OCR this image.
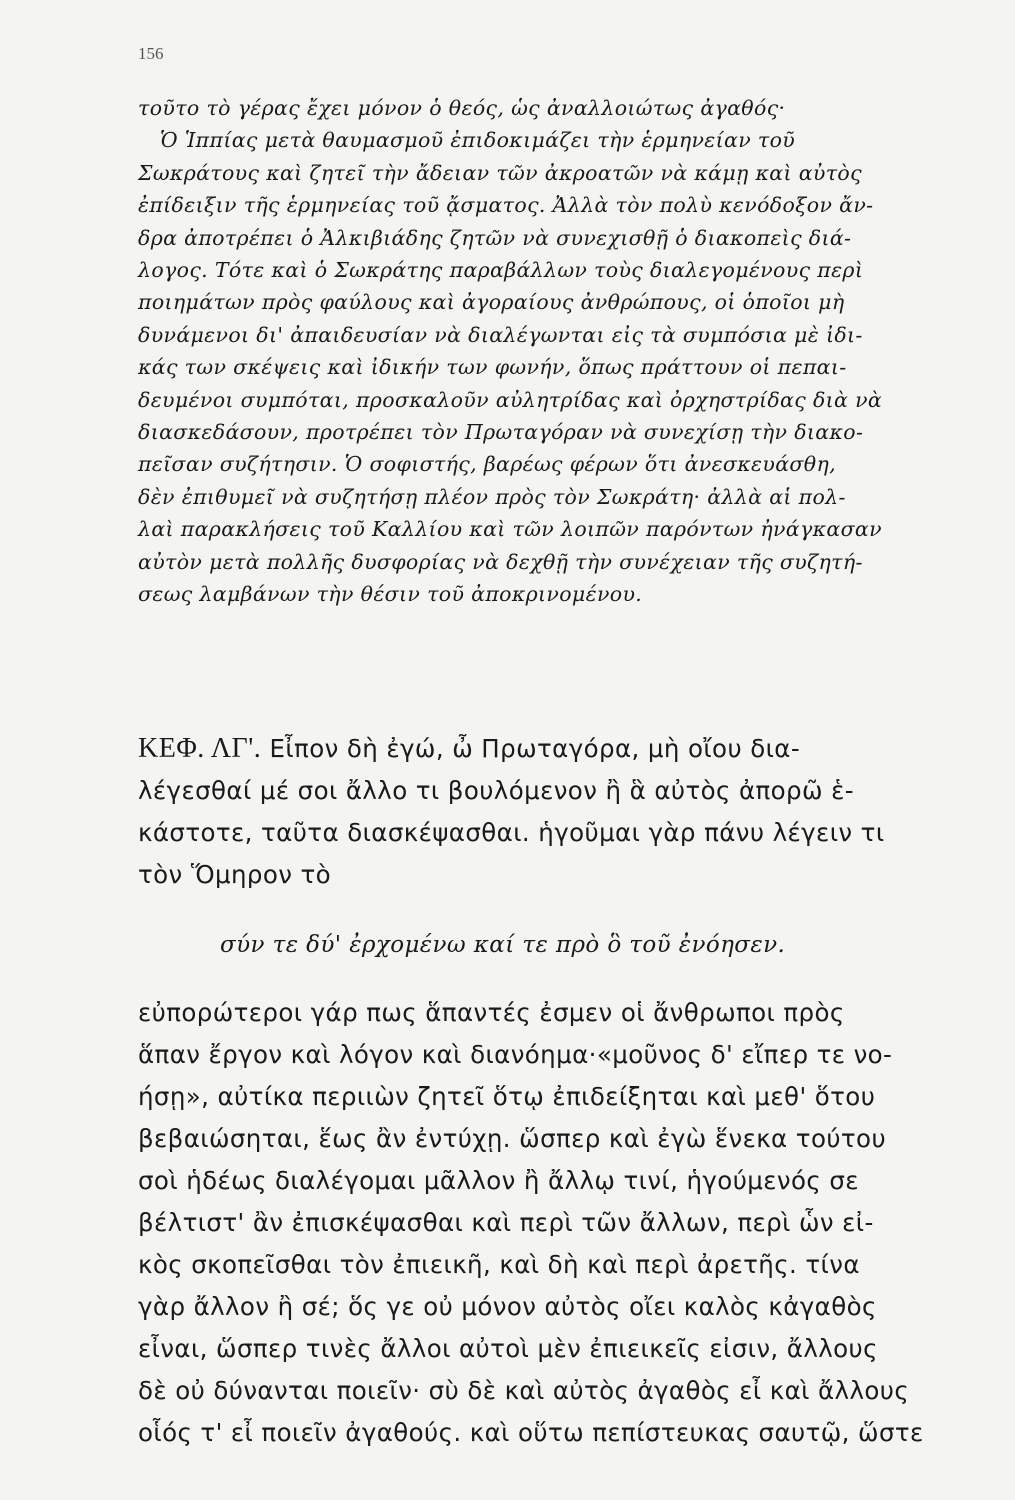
156
τοῦτο τὸ γέρας ἔχει μόνον ὁ θεός, ὡς ἀναλλοιώτως ἀγαθός·
Ὁ Ἱππίας μετὰ θαυμασμοῦ ἐπιδοκιμάζει τὴν ἑρμηνείαν τοῦ
Σωκράτους καὶ ζητεῖ τὴν ἄδειαν τῶν ἀκροατῶν νὰ κάμῃ καὶ αὐτὸς
ἐπίδειξιν τῆς ἑρμηνείας τοῦ ᾄσματος. Ἀλλὰ τὸν πολὺ κενόδοξον ἄν-
δρα ἀποτρέπει ὁ Ἀλκιβιάδης ζητῶν νὰ συνεχισθῇ ὁ διακοπεὶς διά-
λογος. Τότε καὶ ὁ Σωκράτης παραβάλλων τοὺς διαλεγομένους περὶ
ποιημάτων πρὸς φαύλους καὶ ἀγοραίους ἀνθρώπους, οἱ ὁποῖοι μὴ
δυνάμενοι δι' ἀπαιδευσίαν νὰ διαλέγωνται εἰς τὰ συμπόσια μὲ ἰδι-
κάς των σκέψεις καὶ ἰδικήν των φωνήν, ὅπως πράττουν οἱ πεπαι-
δευμένοι συμπόται, προσκαλοῦν αὐλητρίδας καὶ ὀρχηστρίδας διὰ νὰ
διασκεδάσουν, προτρέπει τὸν Πρωταγόραν νὰ συνεχίσῃ τὴν διακο-
πεῖσαν συζήτησιν. Ὁ σοφιστής, βαρέως φέρων ὅτι ἀνεσκευάσθη,
δὲν ἐπιθυμεῖ νὰ συζητήσῃ πλέον πρὸς τὸν Σωκράτη· ἀλλὰ αἱ πολ-
λαὶ παρακλήσεις τοῦ Καλλίου καὶ τῶν λοιπῶν παρόντων ἠνάγκασαν
αὐτὸν μετὰ πολλῆς δυσφορίας νὰ δεχθῇ τὴν συνέχειαν τῆς συζητή-
σεως λαμβάνων τὴν θέσιν τοῦ ἀποκρινομένου.
ΚΕΦ. ΛΓ'. Εἶπον δὴ ἐγώ, ὦ Πρωταγόρα, μὴ οἴου δια-
λέγεσθαί μέ σοι ἄλλο τι βουλόμενον ἢ ἃ αὐτὸς ἀπορῶ ἑ-
κάστοτε, ταῦτα διασκέψασθαι. ἡγοῦμαι γὰρ πάνυ λέγειν τι
τὸν Ὅμηρον τὸ
σύν τε δύ' ἐρχομένω καί τε πρὸ ὃ τοῦ ἐνόησεν.
εὐπορώτεροι γάρ πως ἅπαντές ἐσμεν οἱ ἄνθρωποι πρὸς
ἅπαν ἔργον καὶ λόγον καὶ διανόημα·«μοῦνος δ' εἴπερ τε νο-
ήσῃ», αὐτίκα περιιὼν ζητεῖ ὅτῳ ἐπιδείξηται καὶ μεθ' ὅτου
βεβαιώσηται, ἕως ἂν ἐντύχῃ. ὥσπερ καὶ ἐγὼ ἕνεκα τούτου
σοὶ ἡδέως διαλέγομαι μᾶλλον ἢ ἄλλῳ τινί, ἡγούμενός σε
βέλτιστ' ἂν ἐπισκέψασθαι καὶ περὶ τῶν ἄλλων, περὶ ὧν εἰ-
κὸς σκοπεῖσθαι τὸν ἐπιεικῆ, καὶ δὴ καὶ περὶ ἀρετῆς. τίνα
γὰρ ἄλλον ἢ σέ; ὅς γε οὐ μόνον αὐτὸς οἴει καλὸς κἀγαθὸς
εἶναι, ὥσπερ τινὲς ἄλλοι αὐτοὶ μὲν ἐπιεικεῖς εἰσιν, ἄλλους
δὲ οὐ δύνανται ποιεῖν· σὺ δὲ καὶ αὐτὸς ἀγαθὸς εἶ καὶ ἄλλους
οἷός τ' εἶ ποιεῖν ἀγαθούς. καὶ οὕτω πεπίστευκας σαυτῷ, ὥστε
